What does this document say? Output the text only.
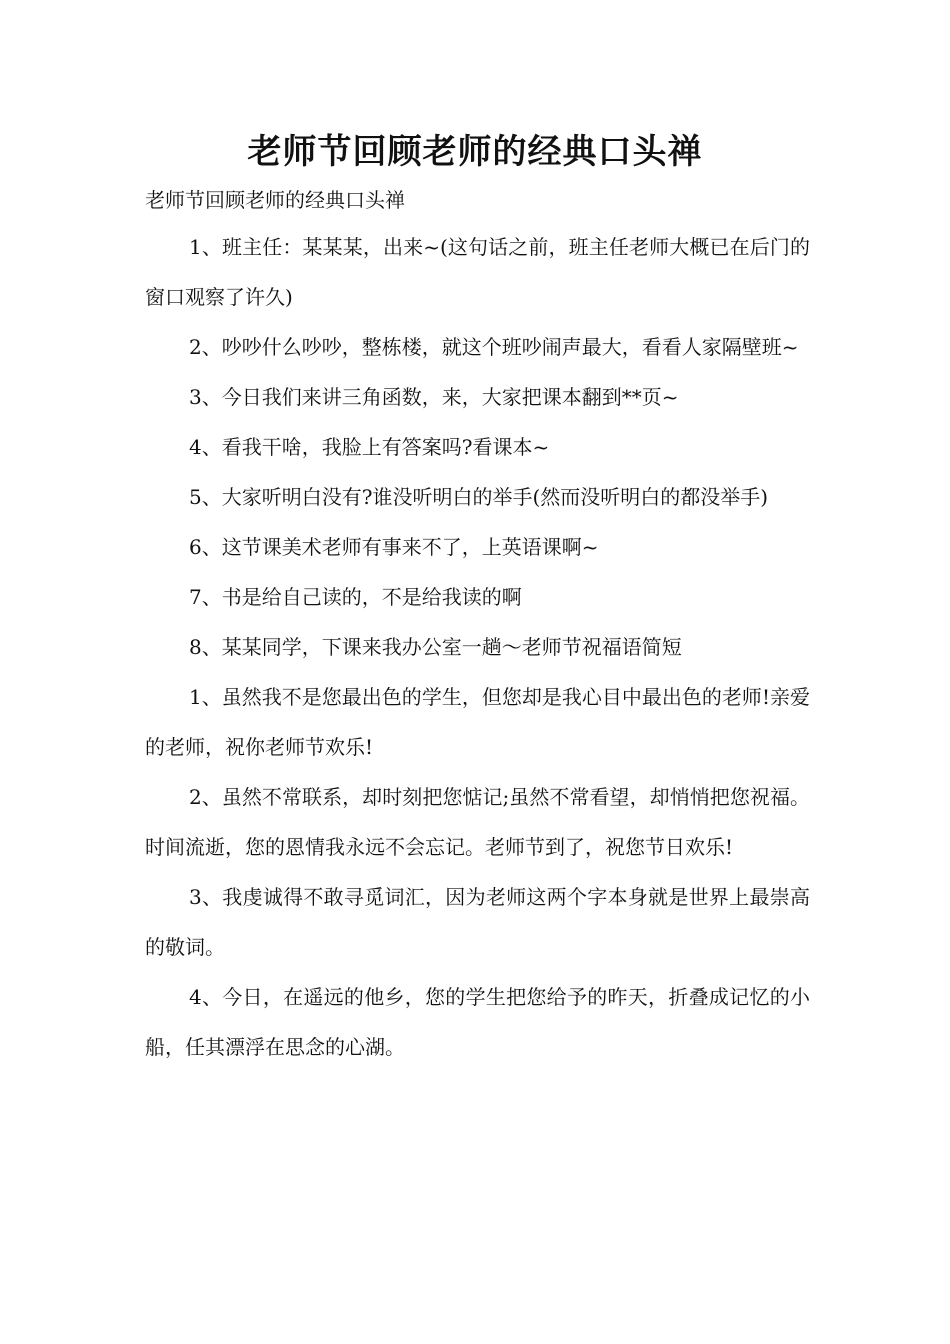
老师节回顾老师的经典口头禅

老师节回顾老师的经典口头禅

1、班主任：某某某，出来~(这句话之前，班主任老师大概已在后门的窗口观察了许久)

2、吵吵什么吵吵，整栋楼，就这个班吵闹声最大，看看人家隔壁班~

3、今日我们来讲三角函数，来，大家把课本翻到**页~

4、看我干啥，我脸上有答案吗?看课本~

5、大家听明白没有?谁没听明白的举手(然而没听明白的都没举手)

6、这节课美术老师有事来不了，上英语课啊~

7、书是给自己读的，不是给我读的啊

8、某某同学，下课来我办公室一趟～老师节祝福语简短

1、虽然我不是您最出色的学生，但您却是我心目中最出色的老师!亲爱的老师，祝你老师节欢乐!

2、虽然不常联系，却时刻把您惦记;虽然不常看望，却悄悄把您祝福。时间流逝，您的恩情我永远不会忘记。老师节到了，祝您节日欢乐!

3、我虔诚得不敢寻觅词汇，因为老师这两个字本身就是世界上最崇高的敬词。

4、今日，在遥远的他乡，您的学生把您给予的昨天，折叠成记忆的小船，任其漂浮在思念的心湖。
